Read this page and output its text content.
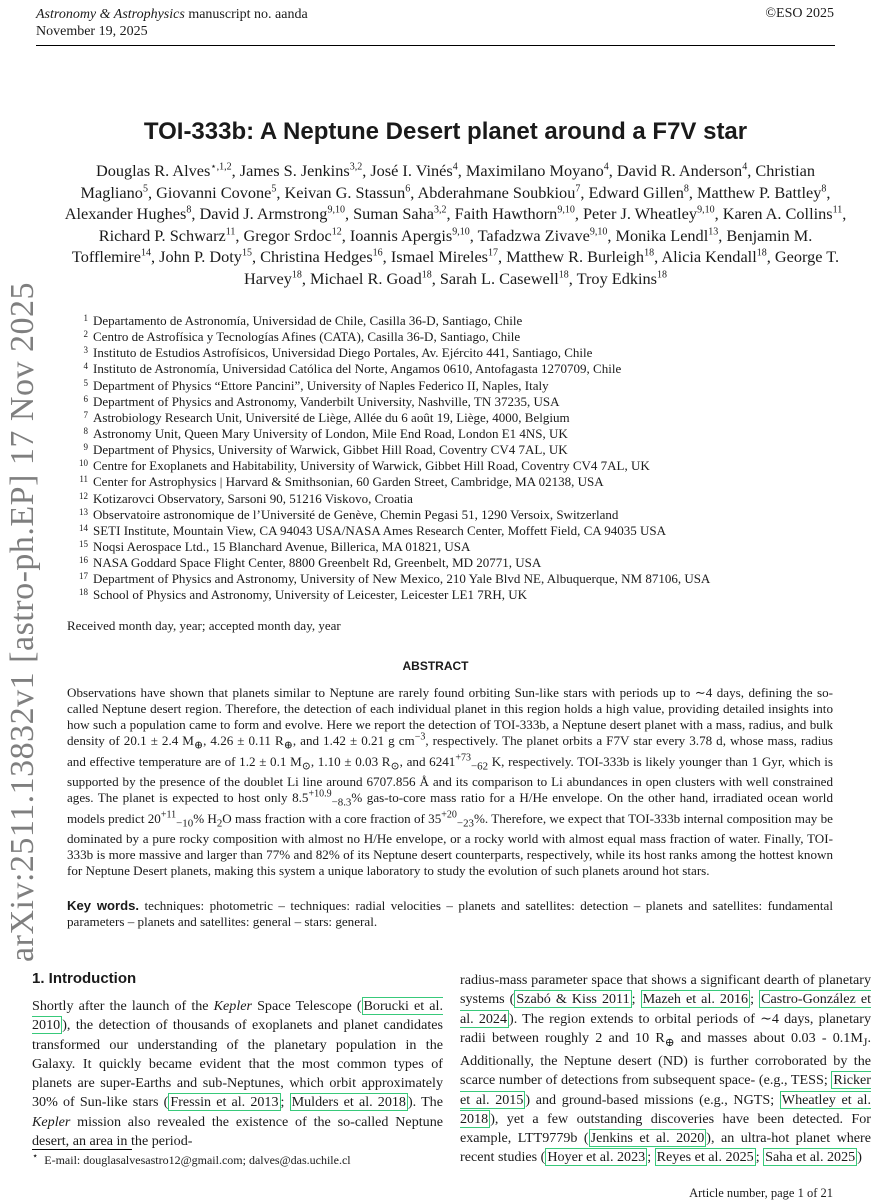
Astronomy & Astrophysics manuscript no. aanda
November 19, 2025
©ESO 2025
arXiv:2511.13832v1 [astro-ph.EP] 17 Nov 2025
TOI-333b: A Neptune Desert planet around a F7V star
Douglas R. Alves$^{⋆,1,2}$, James S. Jenkins$^{3,2}$, José I. Vinés$^4$, Maximilano Moyano$^4$, David R. Anderson$^4$, Christian Magliano$^5$, Giovanni Covone$^5$, Keivan G. Stassun$^6$, Abderahmane Soubkiou$^7$, Edward Gillen$^8$, Matthew P. Battley$^8$, Alexander Hughes$^8$, David J. Armstrong$^{9,10}$, Suman Saha$^{3,2}$, Faith Hawthorn$^{9,10}$, Peter J. Wheatley$^{9,10}$, Karen A. Collins$^{11}$, Richard P. Schwarz$^{11}$, Gregor Srdoc$^{12}$, Ioannis Apergis$^{9,10}$, Tafadzwa Zivave$^{9,10}$, Monika Lendl$^{13}$, Benjamin M. Tofflemire$^{14}$, John P. Doty$^{15}$, Christina Hedges$^{16}$, Ismael Mireles$^{17}$, Matthew R. Burleigh$^{18}$, Alicia Kendall$^{18}$, George T. Harvey$^{18}$, Michael R. Goad$^{18}$, Sarah L. Casewell$^{18}$, Troy Edkins$^{18}$
1 Departamento de Astronomía, Universidad de Chile, Casilla 36-D, Santiago, Chile
2 Centro de Astrofísica y Tecnologías Afines (CATA), Casilla 36-D, Santiago, Chile
3 Instituto de Estudios Astrofísicos, Universidad Diego Portales, Av. Ejército 441, Santiago, Chile
4 Instituto de Astronomía, Universidad Católica del Norte, Angamos 0610, Antofagasta 1270709, Chile
5 Department of Physics “Ettore Pancini”, University of Naples Federico II, Naples, Italy
6 Department of Physics and Astronomy, Vanderbilt University, Nashville, TN 37235, USA
7 Astrobiology Research Unit, Université de Liège, Allée du 6 août 19, Liège, 4000, Belgium
8 Astronomy Unit, Queen Mary University of London, Mile End Road, London E1 4NS, UK
9 Department of Physics, University of Warwick, Gibbet Hill Road, Coventry CV4 7AL, UK
10 Centre for Exoplanets and Habitability, University of Warwick, Gibbet Hill Road, Coventry CV4 7AL, UK
11 Center for Astrophysics | Harvard & Smithsonian, 60 Garden Street, Cambridge, MA 02138, USA
12 Kotizarovci Observatory, Sarsoni 90, 51216 Viskovo, Croatia
13 Observatoire astronomique de l’Université de Genève, Chemin Pegasi 51, 1290 Versoix, Switzerland
14 SETI Institute, Mountain View, CA 94043 USA/NASA Ames Research Center, Moffett Field, CA 94035 USA
15 Noqsi Aerospace Ltd., 15 Blanchard Avenue, Billerica, MA 01821, USA
16 NASA Goddard Space Flight Center, 8800 Greenbelt Rd, Greenbelt, MD 20771, USA
17 Department of Physics and Astronomy, University of New Mexico, 210 Yale Blvd NE, Albuquerque, NM 87106, USA
18 School of Physics and Astronomy, University of Leicester, Leicester LE1 7RH, UK
Received month day, year; accepted month day, year
ABSTRACT
Observations have shown that planets similar to Neptune are rarely found orbiting Sun-like stars with periods up to ∼4 days, defining the so-called Neptune desert region. Therefore, the detection of each individual planet in this region holds a high value, providing detailed insights into how such a population came to form and evolve. Here we report the detection of TOI-333b, a Neptune desert planet with a mass, radius, and bulk density of 20.1 ± 2.4 $M_\oplus$, 4.26 ± 0.11 $R_\oplus$, and 1.42 ± 0.21 g $cm^{-3}$, respectively. The planet orbits a F7V star every 3.78 d, whose mass, radius and effective temperature are of 1.2 ± 0.1 $M_⊙$, 1.10 ± 0.03 $R_⊙$, and $6241^{+73}_{-62}$ K, respectively. TOI-333b is likely younger than 1 Gyr, which is supported by the presence of the doublet Li line around 6707.856 Å and its comparison to Li abundances in open clusters with well constrained ages. The planet is expected to host only $8.5^{+10.9}_{-8.3}\%$ gas-to-core mass ratio for a H/He envelope. On the other hand, irradiated ocean world models predict $20^{+11}_{-10}\%$ $H_2O$ mass fraction with a core fraction of $35^{+20}_{-23}\%$. Therefore, we expect that TOI-333b internal composition may be dominated by a pure rocky composition with almost no H/He envelope, or a rocky world with almost equal mass fraction of water. Finally, TOI-333b is more massive and larger than 77% and 82% of its Neptune desert counterparts, respectively, while its host ranks among the hottest known for Neptune Desert planets, making this system a unique laboratory to study the evolution of such planets around hot stars.
Key words. techniques: photometric – techniques: radial velocities – planets and satellites: detection – planets and satellites: fundamental parameters – planets and satellites: general – stars: general.
1. Introduction
Shortly after the launch of the Kepler Space Telescope ( Borucki et al. 2010 ), the detection of thousands of exoplanets and planet candidates transformed our understanding of the planetary population in the Galaxy. It quickly became evident that the most common types of planets are super-Earths and sub-Neptunes, which orbit approximately 30% of Sun-like stars ( Fressin et al. 2013 ; Mulders et al. 2018 ). The Kepler mission also revealed the existence of the so-called Neptune desert, an area in the period-
radius-mass parameter space that shows a significant dearth of planetary systems ( Szabó & Kiss 2011 ; Mazeh et al. 2016 ; Castro-González et al. 2024 ). The region extends to orbital periods of ∼4 days, planetary radii between roughly 2 and 10 $R_\oplus$ and masses about $0.03 - 0.1M_J$. Additionally, the Neptune desert (ND) is further corroborated by the scarce number of detections from subsequent space- (e.g., TESS; Ricker et al. 2015 ) and ground-based missions (e.g., NGTS; Wheatley et al. 2018 ), yet a few outstanding discoveries have been detected. For example, LTT9779b ( Jenkins et al. 2020 ), an ultra-hot planet where recent studies ( Hoyer et al. 2023 ; Reyes et al. 2025 ; Saha et al. 2025 )
⋆ E-mail: douglasalvesastro12@gmail.com; dalves@das.uchile.cl
Article number, page 1 of 21
